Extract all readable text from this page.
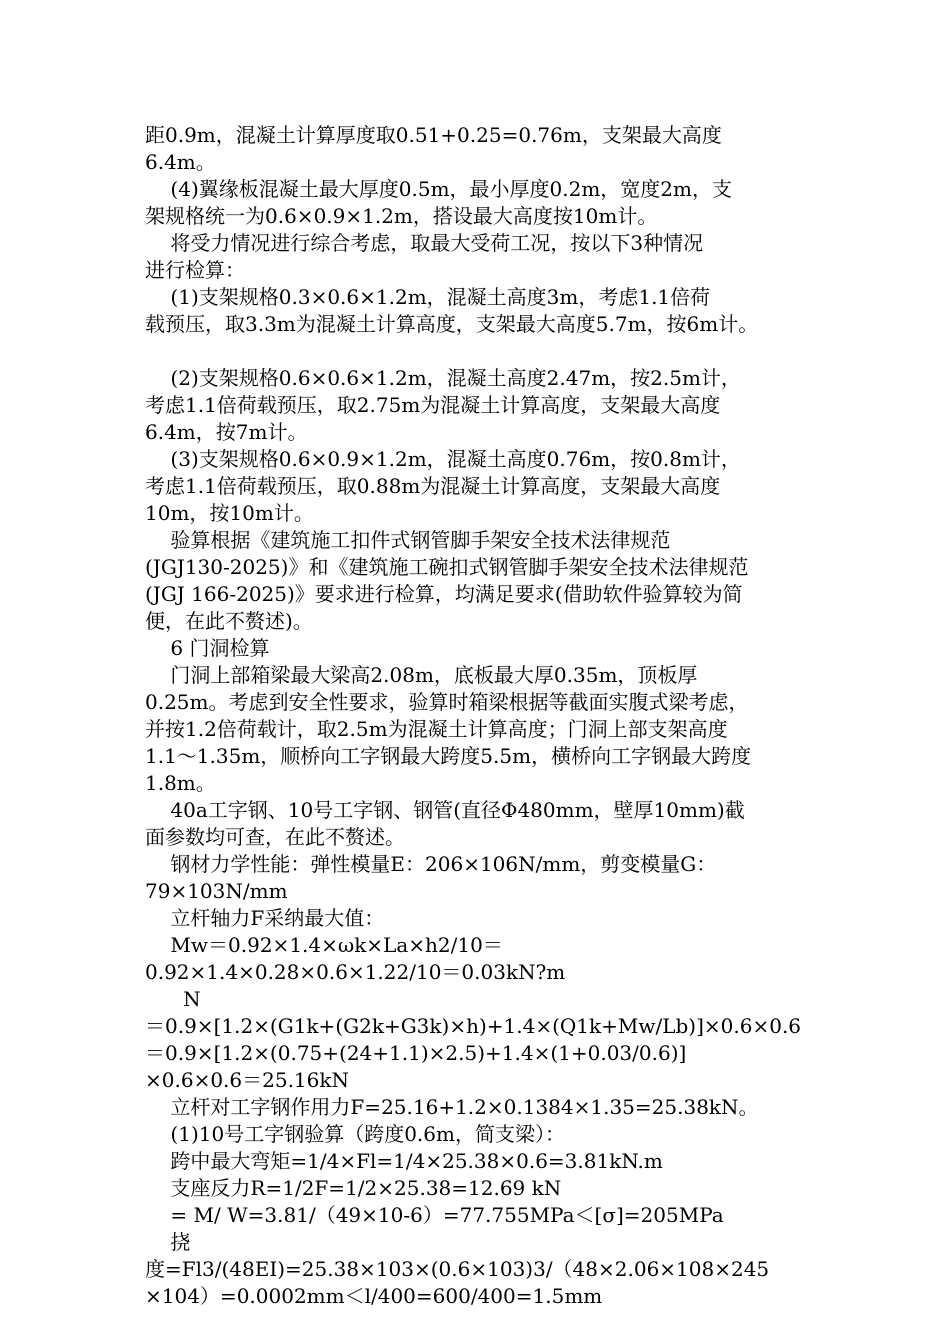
距0.9m，混凝土计算厚度取0.51+0.25=0.76m，支架最大高度
6.4m。
(4)翼缘板混凝土最大厚度0.5m，最小厚度0.2m，宽度2m，支
架规格统一为0.6×0.9×1.2m，搭设最大高度按10m计。
将受力情况进行综合考虑，取最大受荷工况，按以下3种情况
进行检算：
(1)支架规格0.3×0.6×1.2m，混凝土高度3m，考虑1.1倍荷
载预压，取3.3m为混凝土计算高度，支架最大高度5.7m，按6m计。
(2)支架规格0.6×0.6×1.2m，混凝土高度2.47m，按2.5m计，
考虑1.1倍荷载预压，取2.75m为混凝土计算高度，支架最大高度
6.4m，按7m计。
(3)支架规格0.6×0.9×1.2m，混凝土高度0.76m，按0.8m计，
考虑1.1倍荷载预压，取0.88m为混凝土计算高度，支架最大高度
10m，按10m计。
验算根据《建筑施工扣件式钢管脚手架安全技术法律规范
(JGJ130-2025)》和《建筑施工碗扣式钢管脚手架安全技术法律规范
(JGJ 166-2025)》要求进行检算，均满足要求(借助软件验算较为简
便，在此不赘述)。
6 门洞检算
门洞上部箱梁最大梁高2.08m，底板最大厚0.35m，顶板厚
0.25m。考虑到安全性要求，验算时箱梁根据等截面实腹式梁考虑，
并按1.2倍荷载计，取2.5m为混凝土计算高度；门洞上部支架高度
1.1～1.35m，顺桥向工字钢最大跨度5.5m，横桥向工字钢最大跨度
1.8m。
40a工字钢、10号工字钢、钢管(直径Φ480mm，壁厚10mm)截
面参数均可查，在此不赘述。
钢材力学性能：弹性模量E：206×106N/mm，剪变模量G：
79×103N/mm
立杆轴力F采纳最大值：
Mw＝0.92×1.4×ωk×La×h2/10＝
0.92×1.4×0.28×0.6×1.22/10＝0.03kN?m
N
＝0.9×[1.2×(G1k+(G2k+G3k)×h)+1.4×(Q1k+Mw/Lb)]×0.6×0.6
＝0.9×[1.2×(0.75+(24+1.1)×2.5)+1.4×(1+0.03/0.6)]
×0.6×0.6＝25.16kN
立杆对工字钢作用力F=25.16+1.2×0.1384×1.35=25.38kN。
(1)10号工字钢验算（跨度0.6m，简支梁）：
跨中最大弯矩=1/4×Fl=1/4×25.38×0.6=3.81kN.m
支座反力R=1/2F=1/2×25.38=12.69 kN
= M/ W=3.81/（49×10-6）=77.755MPa＜[σ]=205MPa
挠
度=Fl3/(48EI)=25.38×103×(0.6×103)3/（48×2.06×108×245
×104）=0.0002mm＜l/400=600/400=1.5mm
